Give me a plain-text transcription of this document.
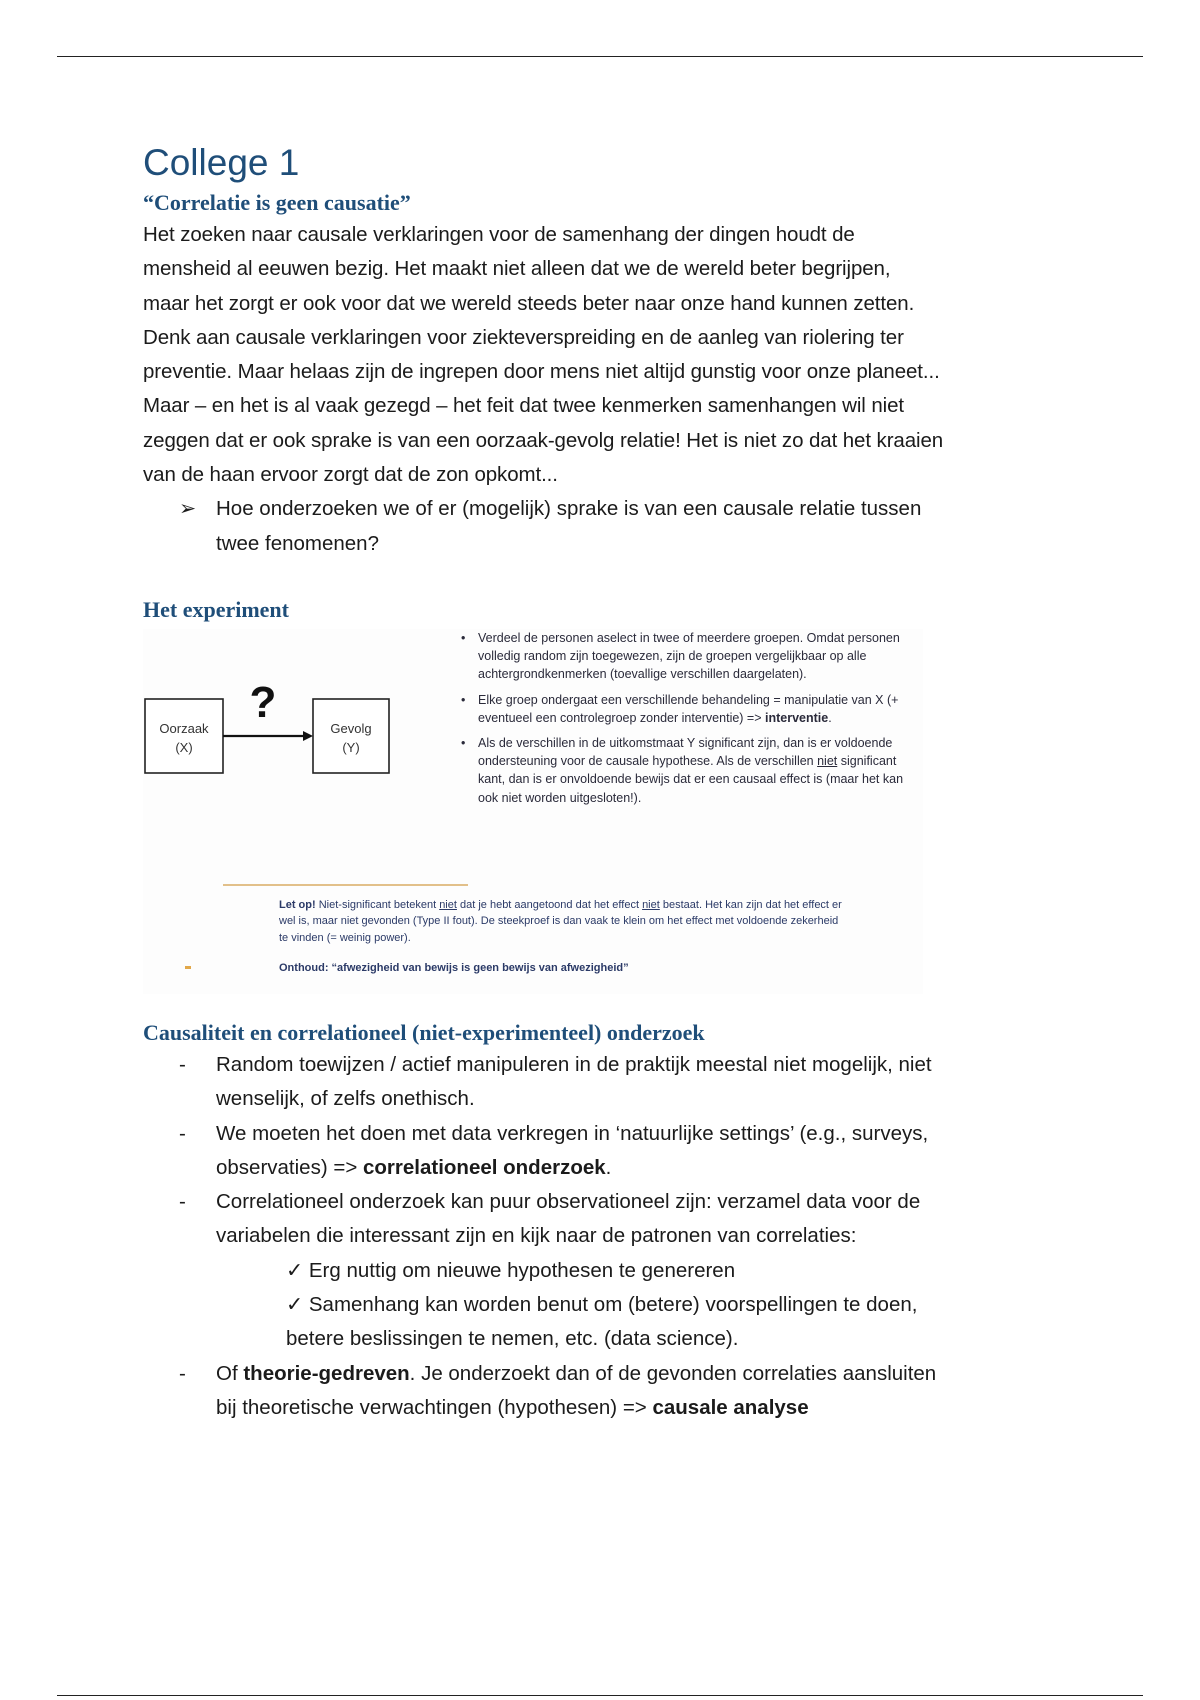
College 1
“Correlatie is geen causatie”

Het zoeken naar causale verklaringen voor de samenhang der dingen houdt de

mensheid al eeuwen bezig. Het maakt niet alleen dat we de wereld beter begrijpen,

maar het zorgt er ook voor dat we wereld steeds beter naar onze hand kunnen zetten.

Denk aan causale verklaringen voor ziekteverspreiding en de aanleg van riolering ter

preventie. Maar helaas zijn de ingrepen door mens niet altijd gunstig voor onze planeet...

Maar – en het is al vaak gezegd – het feit dat twee kenmerken samenhangen wil niet

zeggen dat er ook sprake is van een oorzaak-gevolg relatie! Het is niet zo dat het kraaien

van de haan ervoor zorgt dat de zon opkomt...

➢ Hoe onderzoeken we of er (mogelijk) sprake is van een causale relatie tussen
twee fenomenen?
Het experiment
Oorzaak
(X)
?
Gevolg
(Y)
• Verdeel de personen aselect in twee of meerdere groepen. Omdat personen volledig random zijn toegewezen, zijn de groepen vergelijkbaar op alle achtergrondkenmerken (toevallige verschillen daargelaten).
• Elke groep ondergaat een verschillende behandeling = manipulatie van X (+ eventueel een controlegroep zonder interventie) => interventie.
• Als de verschillen in de uitkomstmaat Y significant zijn, dan is er voldoende ondersteuning voor de causale hypothese. Als de verschillen niet significant kant, dan is er onvoldoende bewijs dat er een causaal effect is (maar het kan ook niet worden uitgesloten!).
Let op! Niet-significant betekent niet dat je hebt aangetoond dat het effect niet bestaat. Het kan zijn dat het effect er wel is, maar niet gevonden (Type II fout). De steekproef is dan vaak te klein om het effect met voldoende zekerheid te vinden (= weinig power).
Onthoud: “afwezigheid van bewijs is geen bewijs van afwezigheid”
Causaliteit en correlationeel (niet-experimenteel) onderzoek
- Random toewijzen / actief manipuleren in de praktijk meestal niet mogelijk, niet
wenselijk, of zelfs onethisch.
- We moeten het doen met data verkregen in ‘natuurlijke settings’ (e.g., surveys,
observaties) => correlationeel onderzoek.
- Correlationeel onderzoek kan puur observationeel zijn: verzamel data voor de
variabelen die interessant zijn en kijk naar de patronen van correlaties:
✓ Erg nuttig om nieuwe hypothesen te genereren
✓ Samenhang kan worden benut om (betere) voorspellingen te doen,
betere beslissingen te nemen, etc. (data science).
- Of theorie-gedreven. Je onderzoekt dan of de gevonden correlaties aansluiten
bij theoretische verwachtingen (hypothesen) => causale analyse
